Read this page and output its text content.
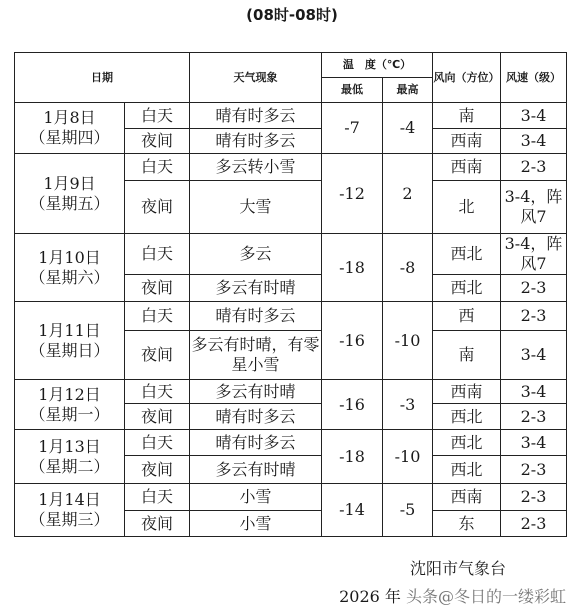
(08时-08时)
日期		天气现象	温　度（℃）		风向（方位）	风速（级）
			最低	最高		

1月8日
（星期四）	白天	晴有时多云	-7	-4	南	3-4
	夜间	晴有时多云			西南	3-4

1月9日
（星期五）	白天	多云转小雪	-12	2	西南	2-3
	夜间	大雪			北	3-4，阵风7

1月10日
（星期六）	白天	多云	-18	-8	西北	3-4，阵风7
	夜间	多云有时晴			西北	2-3

1月11日
（星期日）	白天	晴有时多云	-16	-10	西	2-3
	夜间	多云有时晴，有零星小雪			南	3-4

1月12日
（星期一）	白天	多云有时晴	-16	-3	西南	3-4
	夜间	晴有时多云			西北	2-3

1月13日
（星期二）	白天	晴有时多云	-18	-10	西北	3-4
	夜间	多云有时晴			西北	2-3

1月14日
（星期三）	白天	小雪	-14	-5	西南	2-3
	夜间	小雪			东	2-3
沈阳市气象台
2026 年 头条@冬日的一缕彩虹
